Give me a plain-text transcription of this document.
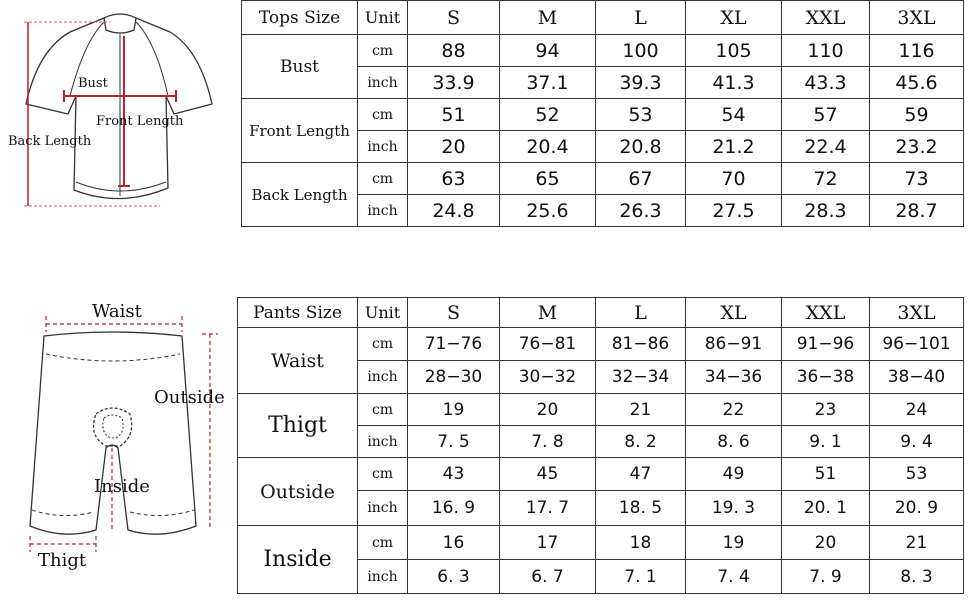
Bust
Front Length
Back Length
Waist
Outside
Inside
Thigt
Tops Size	Unit	S	M	L	XL	XXL	3XL
Bust	cm	88	94	100	105	110	116
	inch	33.9	37.1	39.3	41.3	43.3	45.6
Front Length	cm	51	52	53	54	57	59
	inch	20	20.4	20.8	21.2	22.4	23.2
Back Length	cm	63	65	67	70	72	73
	inch	24.8	25.6	26.3	27.5	28.3	28.7
Pants Size	Unit	S	M	L	XL	XXL	3XL
Waist	cm	71−76	76−81	81−86	86−91	91−96	96−101
	inch	28−30	30−32	32−34	34−36	36−38	38−40
Thigt	cm	19	20	21	22	23	24
	inch	7. 5	7. 8	8. 2	8. 6	9. 1	9. 4
Outside	cm	43	45	47	49	51	53
	inch	16. 9	17. 7	18. 5	19. 3	20. 1	20. 9
Inside	cm	16	17	18	19	20	21
	inch	6. 3	6. 7	7. 1	7. 4	7. 9	8. 3
